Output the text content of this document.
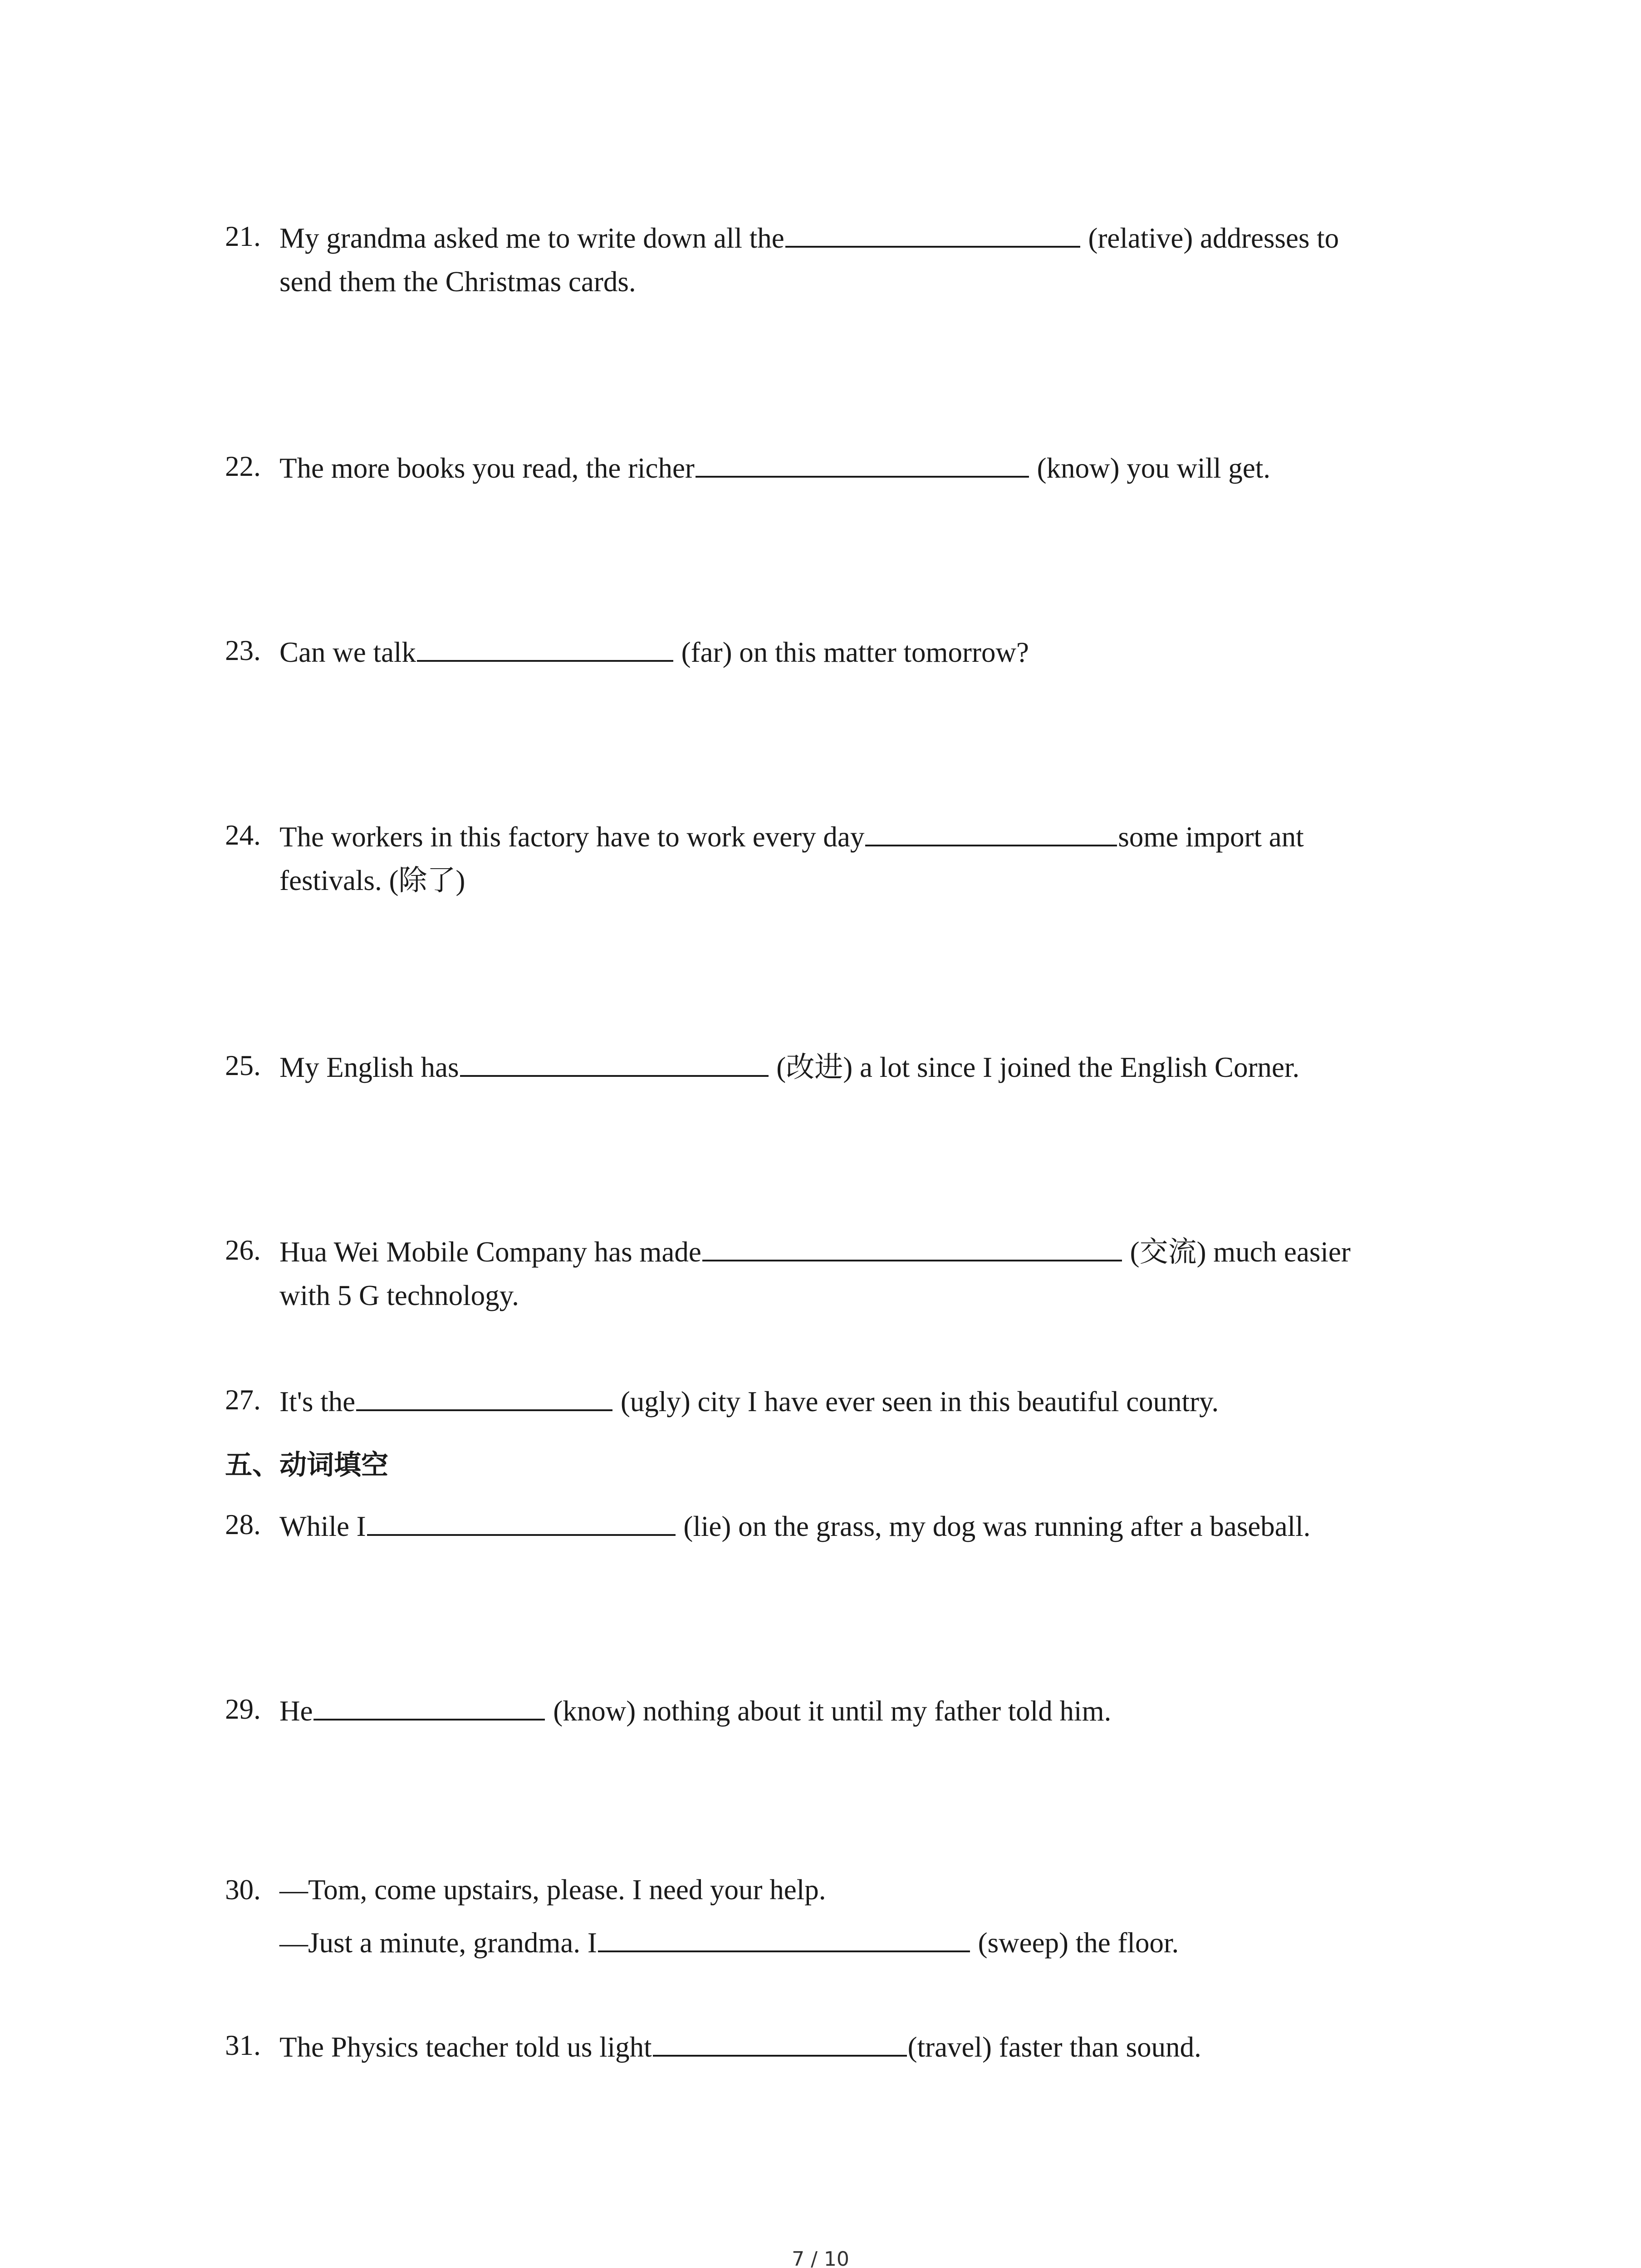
21. My grandma asked me to write down all the	(relative) addresses to
send them the Christmas cards.
22. The more books you read, the richer	(know) you will get.
23. Can we talk	(far) on this matter tomorrow?
24. The workers in this factory have to work every day	some import ant
festivals. (除了)
25. My English has	(改进) a lot since I joined the English Corner.
26. Hua Wei Mobile Company has made	(交流) much easier
with 5 G technology.
27. It's the	(ugly) city I have ever seen in this beautiful country.
五、动词填空
28. While I	(lie) on the grass, my dog was running after a baseball.
29. He	(know) nothing about it until my father told him.
30. —Tom, come upstairs, please. I need your help.
—Just a minute, grandma. I	(sweep) the floor.
31. The Physics teacher told us light	(travel) faster than sound.
7 / 10
